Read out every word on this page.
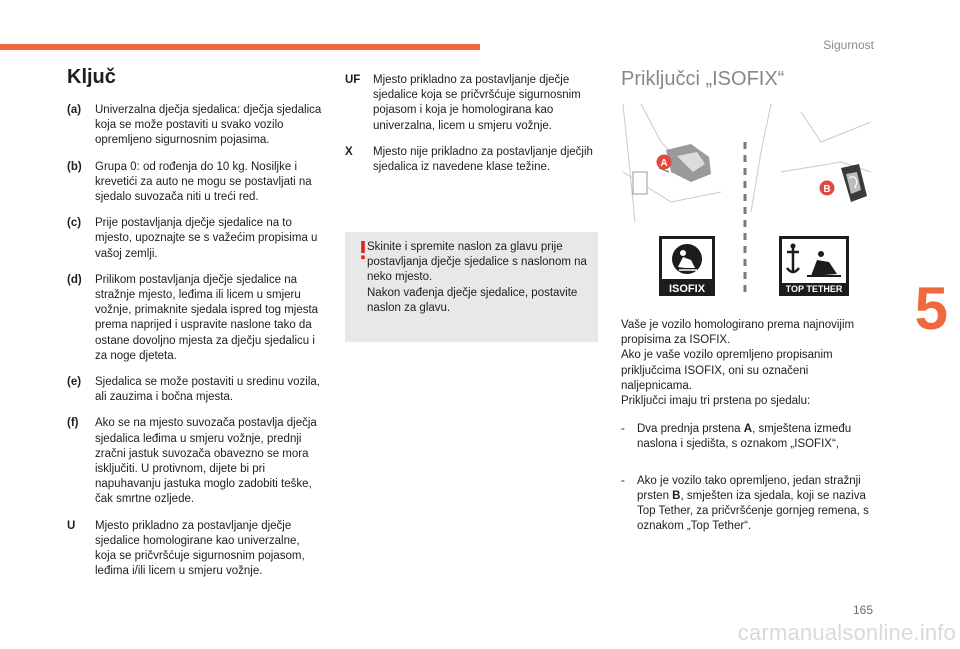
Sigurnost
5
165
carmanualsonline.info
Ključ
(a) Univerzalna dječja sjedalica: dječja sjedalica koja se može postaviti u svako vozilo opremljeno sigurnosnim pojasima.
(b) Grupa 0: od rođenja do 10 kg. Nosiljke i krevetići za auto ne mogu se postavljati na sjedalo suvozača niti u treći red.
(c) Prije postavljanja dječje sjedalice na to mjesto, upoznajte se s važećim propisima u vašoj zemlji.
(d) Prilikom postavljanja dječje sjedalice na stražnje mjesto, leđima ili licem u smjeru vožnje, primaknite sjedala ispred tog mjesta prema naprijed i uspravite naslone tako da ostane dovoljno mjesta za dječju sjedalicu i za noge djeteta.
(e) Sjedalica se može postaviti u sredinu vozila, ali zauzima i bočna mjesta.
(f) Ako se na mjesto suvozača postavlja dječja sjedalica leđima u smjeru vožnje, prednji zračni jastuk suvozača obavezno se mora isključiti. U protivnom, dijete bi pri napuhavanju jastuka moglo zadobiti teške, čak smrtne ozljede.
U Mjesto prikladno za postavljanje dječje sjedalice homologirane kao univerzalne, koja se pričvršćuje sigurnosnim pojasom, leđima i/ili licem u smjeru vožnje.
UF Mjesto prikladno za postavljanje dječje sjedalice koja se pričvršćuje sigurnosnim pojasom i koja je homologirana kao univerzalna, licem u smjeru vožnje.
X Mjesto nije prikladno za postavljanje dječjih sjedalica iz navedene klase težine.
Skinite i spremite naslon za glavu prije postavljanja dječje sjedalice s naslonom na neko mjesto.
Nakon vađenja dječje sjedalice, postavite naslon za glavu.
Priključci „ISOFIX“
A
B
ISOFIX	TOP TETHER

Vaše je vozilo homologirano prema najnovijim propisima za ISOFIX.

Ako je vaše vozilo opremljeno propisanim priključcima ISOFIX, oni su označeni naljepnicama.

Priključci imaju tri prstena po sjedalu:

- Dva prednja prstena A, smještena između naslona i sjedišta, s oznakom „ISOFIX“,
- Ako je vozilo tako opremljeno, jedan stražnji prsten B, smješten iza sjedala, koji se naziva Top Tether, za pričvršćenje gornjeg remena, s oznakom „Top Tether“.
